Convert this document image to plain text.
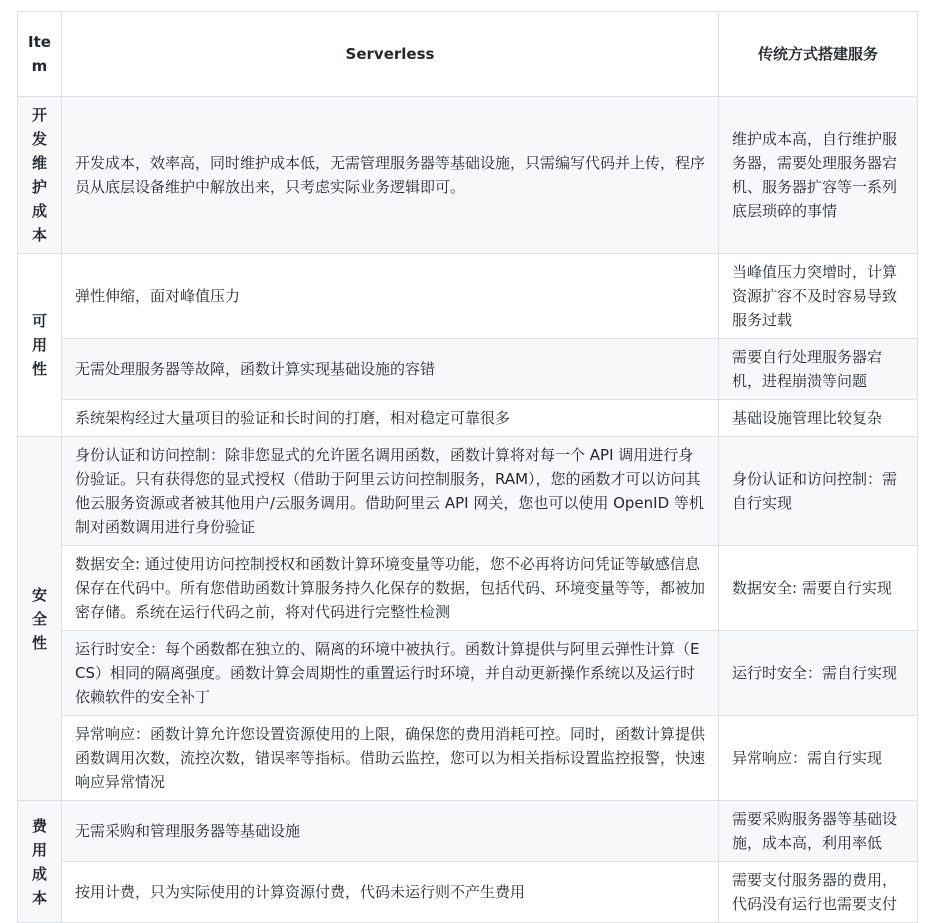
Item	Serverless	传统方式搭建服务
开发维护成本	开发成本，效率高，同时维护成本低，无需管理服务器等基础设施，只需编写代码并上传，程序员从底层设备维护中解放出来，只考虑实际业务逻辑即可。	维护成本高，自行维护服务器，需要处理服务器宕机、服务器扩容等一系列底层琐碎的事情
可用性	弹性伸缩，面对峰值压力	当峰值压力突增时，计算资源扩容不及时容易导致服务过载
	无需处理服务器等故障，函数计算实现基础设施的容错	需要自行处理服务器宕机，进程崩溃等问题
	系统架构经过大量项目的验证和长时间的打磨，相对稳定可靠很多	基础设施管理比较复杂
安全性	身份认证和访问控制：除非您显式的允许匿名调用函数，函数计算将对每一个 API 调用进行身份验证。只有获得您的显式授权（借助于阿里云访问控制服务，RAM），您的函数才可以访问其他云服务资源或者被其他用户/云服务调用。借助阿里云 API 网关，您也可以使用 OpenID 等机制对函数调用进行身份验证	身份认证和访问控制：需自行实现
	数据安全: 通过使用访问控制授权和函数计算环境变量等功能，您不必再将访问凭证等敏感信息保存在代码中。所有您借助函数计算服务持久化保存的数据，包括代码、环境变量等等，都被加密存储。系统在运行代码之前，将对代码进行完整性检测	数据安全: 需要自行实现
	运行时安全：每个函数都在独立的、隔离的环境中被执行。函数计算提供与阿里云弹性计算（ECS）相同的隔离强度。函数计算会周期性的重置运行时环境，并自动更新操作系统以及运行时依赖软件的安全补丁	运行时安全：需自行实现
	异常响应：函数计算允许您设置资源使用的上限，确保您的费用消耗可控。同时，函数计算提供函数调用次数，流控次数，错误率等指标。借助云监控，您可以为相关指标设置监控报警，快速响应异常情况	异常响应：需自行实现
费用成本	无需采购和管理服务器等基础设施	需要采购服务器等基础设施，成本高，利用率低
	按用计费，只为实际使用的计算资源付费，代码未运行则不产生费用	需要支付服务器的费用，代码没有运行也需要支付
